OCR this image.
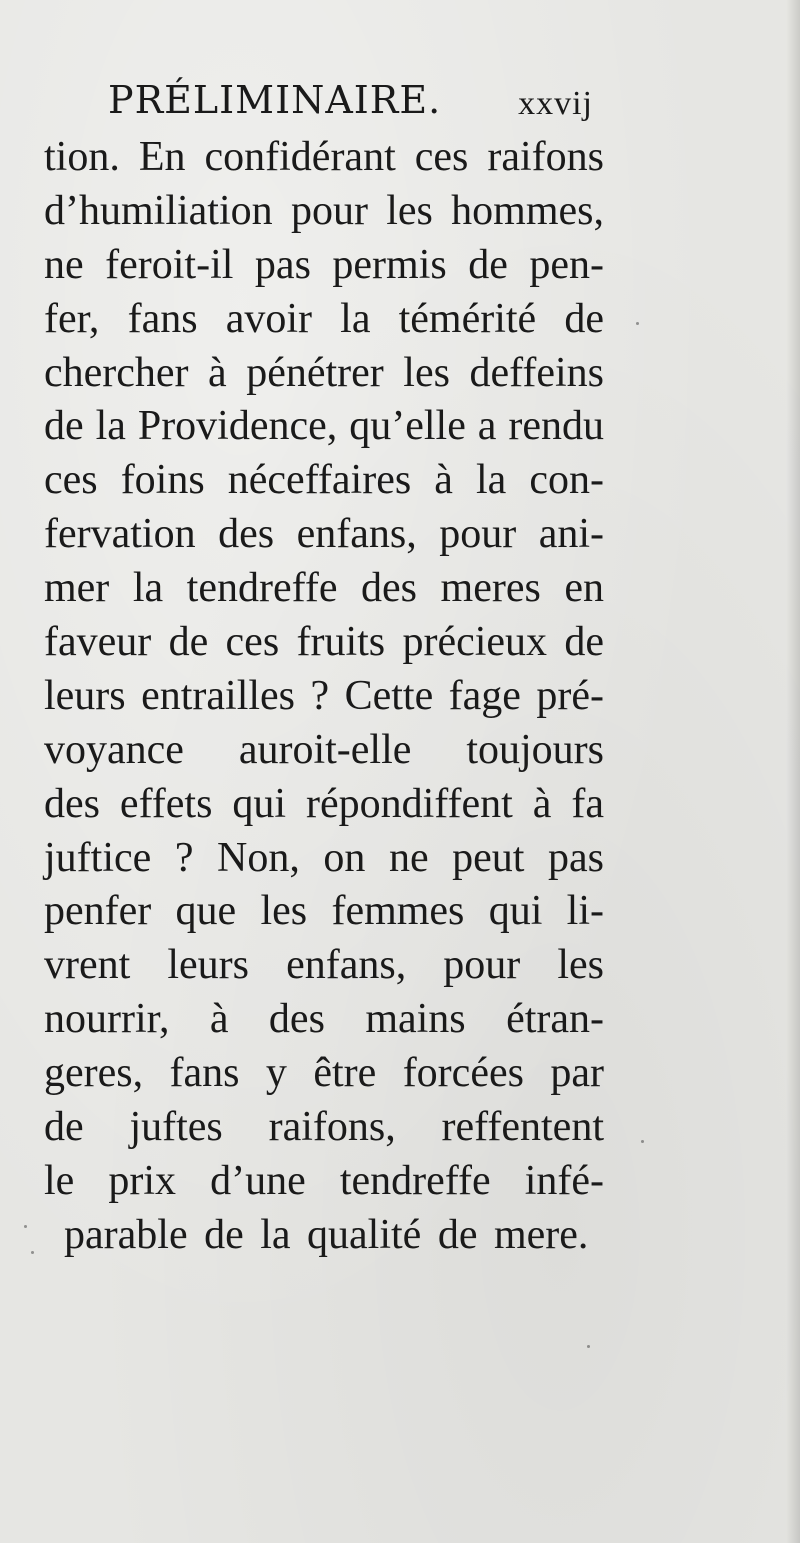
PRÉLIMINAIRE. xxvij
tion. En confidérant ces raifons
d’humiliation pour les hommes,
ne feroit-il pas permis de pen-
fer, fans avoir la témérité de
chercher à pénétrer les deffeins
de la Providence, qu’elle a rendu
ces foins néceffaires à la con-
fervation des enfans, pour ani-
mer la tendreffe des meres en
faveur de ces fruits précieux de
leurs entrailles ? Cette fage pré-
voyance auroit-elle toujours
des effets qui répondiffent à fa
juftice ? Non, on ne peut pas
penfer que les femmes qui li-
vrent leurs enfans, pour les
nourrir, à des mains étran-
geres, fans y être forcées par
de juftes raifons, reffentent
le prix d’une tendreffe infé-
parable de la qualité de mere.
